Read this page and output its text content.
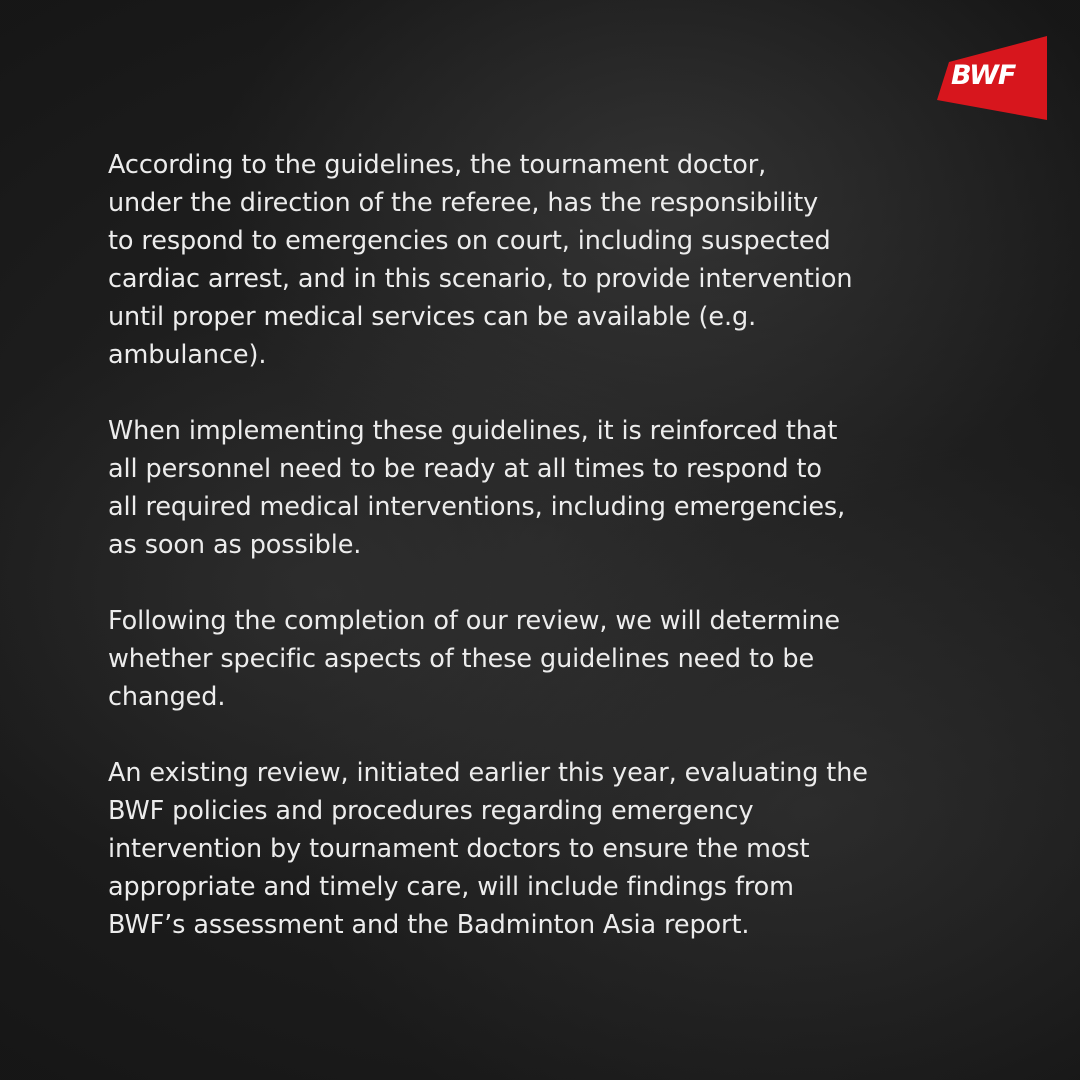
BWF

According to the guidelines, the tournament doctor,
under the direction of the referee, has the responsibility
to respond to emergencies on court, including suspected
cardiac arrest, and in this scenario, to provide intervention
until proper medical services can be available (e.g.
ambulance).

When implementing these guidelines, it is reinforced that
all personnel need to be ready at all times to respond to
all required medical interventions, including emergencies,
as soon as possible.

Following the completion of our review, we will determine
whether specific aspects of these guidelines need to be
changed.

An existing review, initiated earlier this year, evaluating the
BWF policies and procedures regarding emergency
intervention by tournament doctors to ensure the most
appropriate and timely care, will include findings from
BWF’s assessment and the Badminton Asia report.
